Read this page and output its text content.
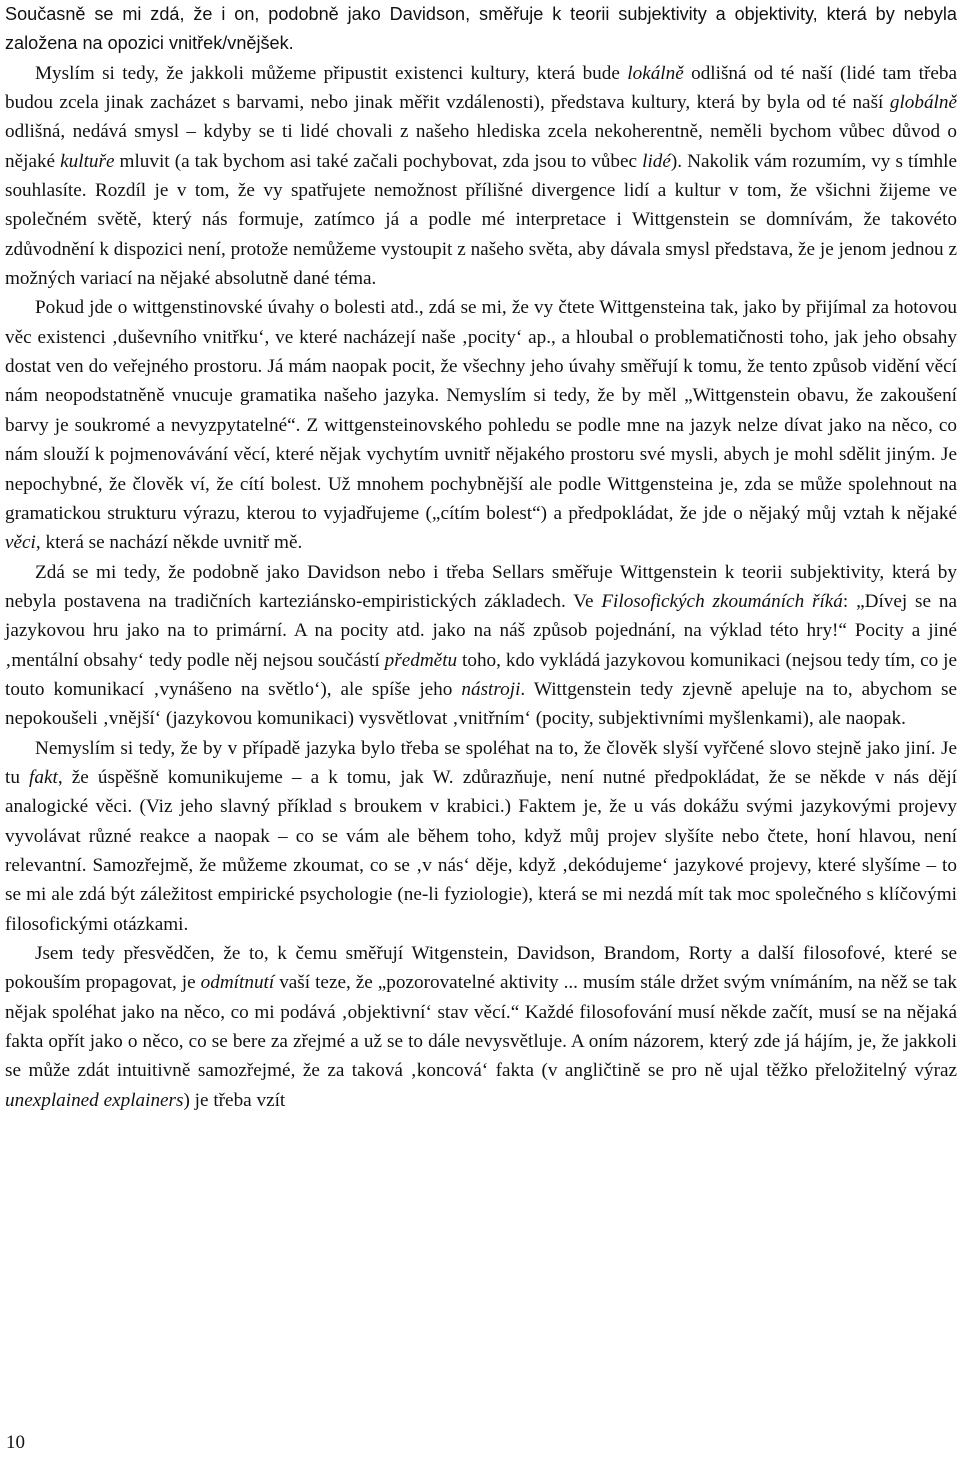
Současně se mi zdá, že i on, podobně jako Davidson, směřuje k teorii subjektivity a objektivity, která by nebyla založena na opozici vnitřek/vnějšek.

Myslím si tedy, že jakkoli můžeme připustit existenci kultury, která bude lokálně odlišná od té naší (lidé tam třeba budou zcela jinak zacházet s barvami, nebo jinak měřit vzdálenosti), představa kultury, která by byla od té naší globálně odlišná, nedává smysl – kdyby se ti lidé chovali z našeho hlediska zcela nekoherentně, neměli bychom vůbec důvod o nějaké kultuře mluvit (a tak bychom asi také začali pochybovat, zda jsou to vůbec lidé). Nakolik vám rozumím, vy s tímhle souhlasíte. Rozdíl je v tom, že vy spatřujete nemožnost přílišné divergence lidí a kultur v tom, že všichni žijeme ve společném světě, který nás formuje, zatímco já a podle mé interpretace i Wittgenstein se domnívám, že takovéto zdůvodnění k dispozici není, protože nemůžeme vystoupit z našeho světa, aby dávala smysl představa, že je jenom jednou z možných variací na nějaké absolutně dané téma.

Pokud jde o wittgenstinovské úvahy o bolesti atd., zdá se mi, že vy čtete Wittgensteina tak, jako by přijímal za hotovou věc existenci ‚duševního vnitřku‘, ve které nacházejí naše ‚pocity‘ ap., a hloubal o problematičnosti toho, jak jeho obsahy dostat ven do veřejného prostoru. Já mám naopak pocit, že všechny jeho úvahy směřují k tomu, že tento způsob vidění věcí nám neopodstatněně vnucuje gramatika našeho jazyka. Nemyslím si tedy, že by měl „Wittgenstein obavu, že zakoušení barvy je soukromé a nevyzpytatelné“. Z wittgensteinovského pohledu se podle mne na jazyk nelze dívat jako na něco, co nám slouží k pojmenovávání věcí, které nějak vychytím uvnitř nějakého prostoru své mysli, abych je mohl sdělit jiným. Je nepochybné, že člověk ví, že cítí bolest. Už mnohem pochybnější ale podle Wittgensteina je, zda se může spolehnout na gramatickou strukturu výrazu, kterou to vyjadřujeme („cítím bolest“) a předpokládat, že jde o nějaký můj vztah k nějaké věci, která se nachází někde uvnitř mě.

Zdá se mi tedy, že podobně jako Davidson nebo i třeba Sellars směřuje Wittgenstein k teorii subjektivity, která by nebyla postavena na tradičních karteziánsko-empiristických základech. Ve Filosofických zkoumáních říká: „Dívej se na jazykovou hru jako na to primární. A na pocity atd. jako na náš způsob pojednání, na výklad této hry!“ Pocity a jiné ‚mentální obsahy‘ tedy podle něj nejsou součástí předmětu toho, kdo vykládá jazykovou komunikaci (nejsou tedy tím, co je touto komunikací ‚vynášeno na světlo‘), ale spíše jeho nástroji. Wittgenstein tedy zjevně apeluje na to, abychom se nepokoušeli ‚vnější‘ (jazykovou komunikaci) vysvětlovat ‚vnitřním‘ (pocity, subjektivními myšlenkami), ale naopak.

Nemyslím si tedy, že by v případě jazyka bylo třeba se spoléhat na to, že člověk slyší vyřčené slovo stejně jako jiní. Je tu fakt, že úspěšně komunikujeme – a k tomu, jak W. zdůrazňuje, není nutné předpokládat, že se někde v nás dějí analogické věci. (Viz jeho slavný příklad s broukem v krabici.) Faktem je, že u vás dokážu svými jazykovými projevy vyvolávat různé reakce a naopak – co se vám ale během toho, když můj projev slyšíte nebo čtete, honí hlavou, není relevantní. Samozřejmě, že můžeme zkoumat, co se ‚v nás‘ děje, když ‚dekódujeme‘ jazykové projevy, které slyšíme – to se mi ale zdá být záležitost empirické psychologie (ne-li fyziologie), která se mi nezdá mít tak moc společného s klíčovými filosofickými otázkami.

Jsem tedy přesvědčen, že to, k čemu směřují Witgenstein, Davidson, Brandom, Rorty a další filosofové, které se pokouším propagovat, je odmítnutí vaší teze, že „pozorovatelné aktivity ... musím stále držet svým vnímáním, na něž se tak nějak spoléhat jako na něco, co mi podává ‚objektivní‘ stav věcí.“ Každé filosofování musí někde začít, musí se na nějaká fakta opřít jako o něco, co se bere za zřejmé a už se to dále nevysvětluje. A oním názorem, který zde já hájím, je, že jakkoli se může zdát intuitivně samozřejmé, že za taková ‚koncová‘ fakta (v angličtině se pro ně ujal těžko přeložitelný výraz unexplained explainers) je třeba vzít

10
